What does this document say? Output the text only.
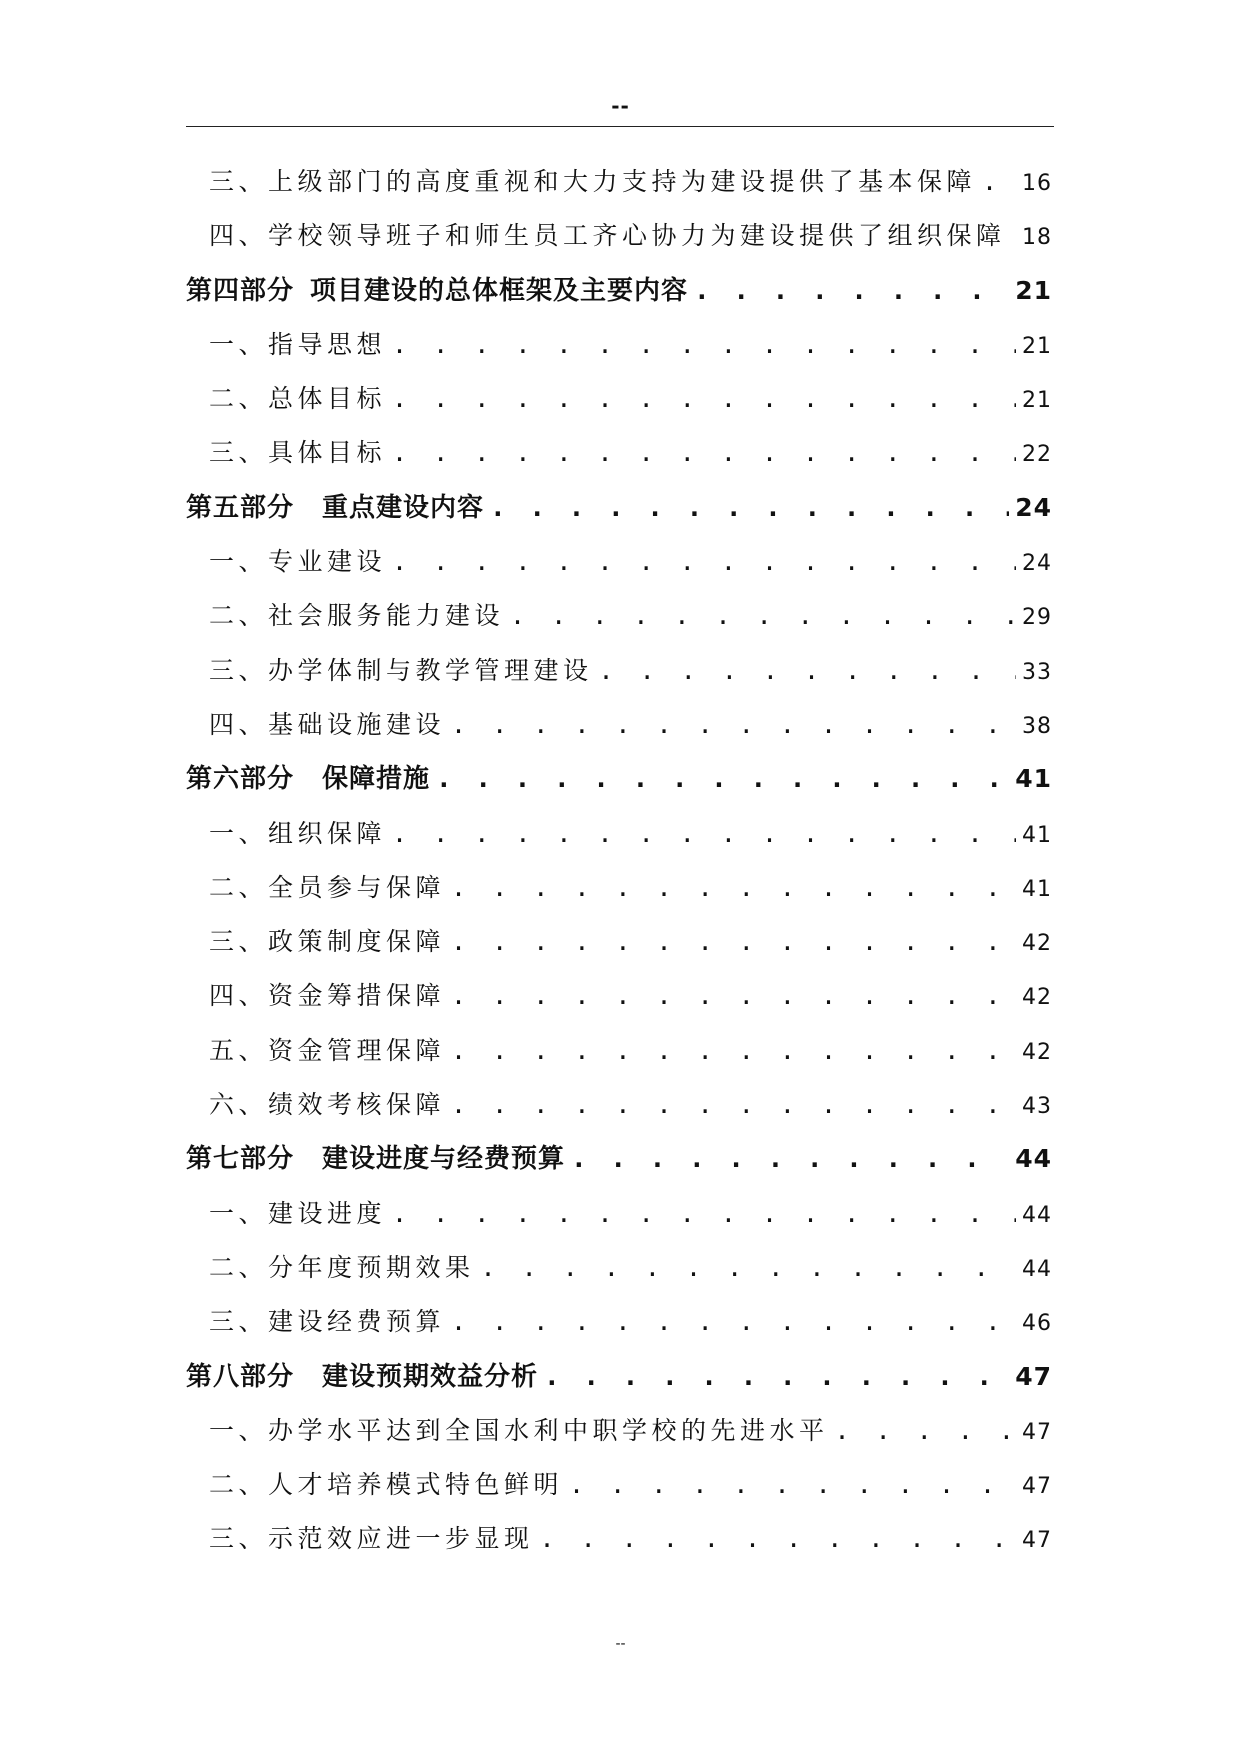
--
三、上级部门的高度重视和大力支持为建设提供了基本保障 . . . 16
四、学校领导班子和师生员工齐心协力为建设提供了组织保障 . . . 18
第四部分 项目建设的总体框架及主要内容 . . .	21
一、指导思想 . . .	21
二、总体目标 . . .	21
三、具体目标 . . .	22
第五部分 重点建设内容 . . .	24
一、专业建设 . . .	24
二、社会服务能力建设 . . .	29
三、办学体制与教学管理建设 . . .	33
四、基础设施建设 . . .	38
第六部分 保障措施 . . .	41
一、组织保障 . . .	41
二、全员参与保障 . . .	41
三、政策制度保障 . . .	42
四、资金筹措保障 . . .	42
五、资金管理保障 . . .	42
六、绩效考核保障 . . .	43
第七部分 建设进度与经费预算 . . .	44
一、建设进度 . . .	44
二、分年度预期效果 . . .	44
三、建设经费预算 . . .	46
第八部分 建设预期效益分析 . . .	47
一、办学水平达到全国水利中职学校的先进水平 . . .	47
二、人才培养模式特色鲜明 . . .	47
三、示范效应进一步显现 . . .	47
--
